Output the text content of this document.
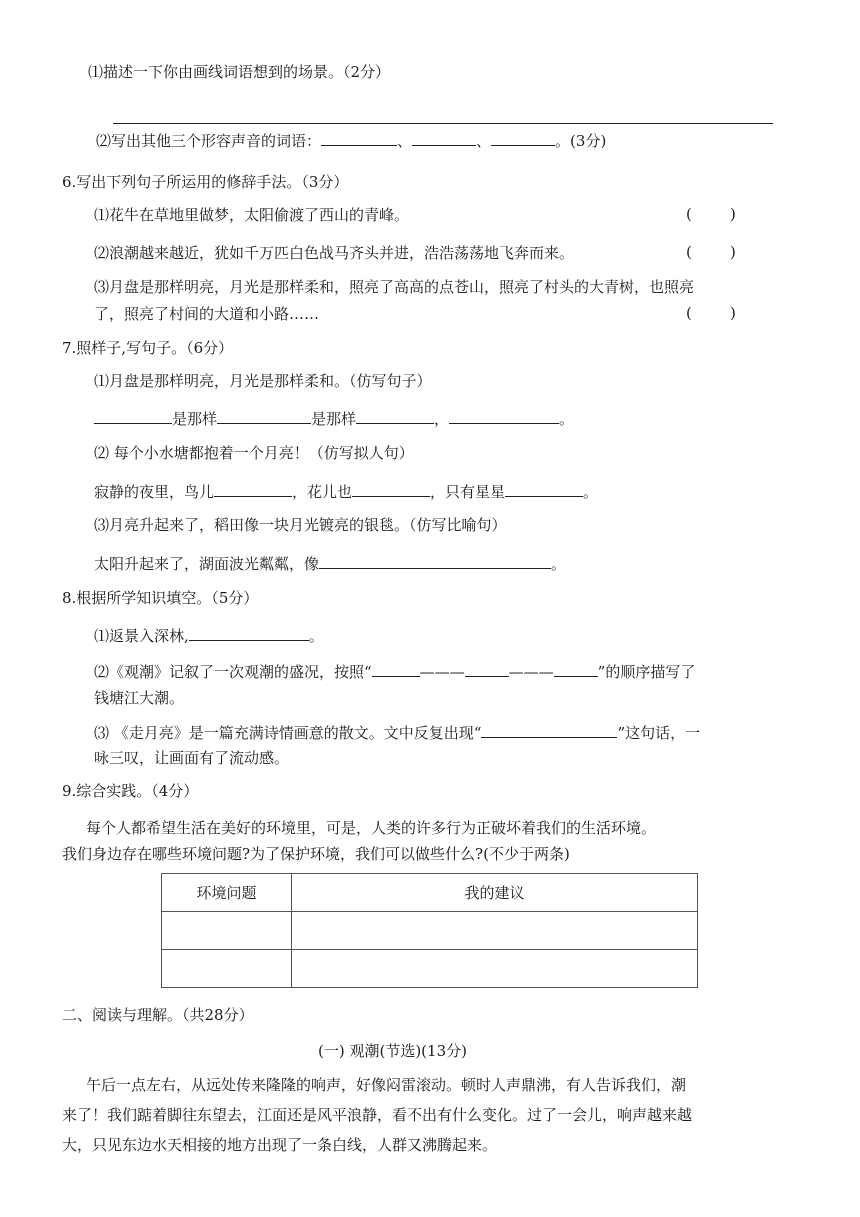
⑴描述一下你由画线词语想到的场景。（2分）
⑵写出其他三个形容声音的词语：	、	、	。(3分)
6.写出下列句子所运用的修辞手法。（3分）
⑴花牛在草地里做梦，太阳偷渡了西山的青峰。	(        )
⑵浪潮越来越近，犹如千万匹白色战马齐头并进，浩浩荡荡地飞奔而来。	(        )
⑶月盘是那样明亮，月光是那样柔和，照亮了高高的点苍山，照亮了村头的大青树，也照亮
了，照亮了村间的大道和小路……	(        )
7.照样子,写句子。（6分）
⑴月盘是那样明亮，月光是那样柔和。（仿写句子）
是那样	是那样	，	。
⑵ 每个小水塘都抱着一个月亮！（仿写拟人句）
寂静的夜里，鸟儿	，花儿也	，只有星星	。
⑶月亮升起来了，稻田像一块月光镀亮的银毯。（仿写比喻句）
太阳升起来了，湖面波光粼粼，像	。
8.根据所学知识填空。（5分）
⑴返景入深林,	。
⑵《观潮》记叙了一次观潮的盛况，按照“	———	———	”的顺序描写了
钱塘江大潮。
⑶ 《走月亮》是一篇充满诗情画意的散文。文中反复出现“	”这句话，一
咏三叹，让画面有了流动感。
9.综合实践。（4分）
每个人都希望生活在美好的环境里，可是，人类的许多行为正破坏着我们的生活环境。
我们身边存在哪些环境问题?为了保护环境，我们可以做些什么?(不少于两条)
环境问题	我的建议

二、阅读与理解。（共28分）
(一) 观潮(节选)(13分)
午后一点左右，从远处传来隆隆的响声，好像闷雷滚动。顿时人声鼎沸，有人告诉我们，潮
来了！我们踮着脚往东望去，江面还是风平浪静，看不出有什么变化。过了一会儿，响声越来越
大，只见东边水天相接的地方出现了一条白线，人群又沸腾起来。
